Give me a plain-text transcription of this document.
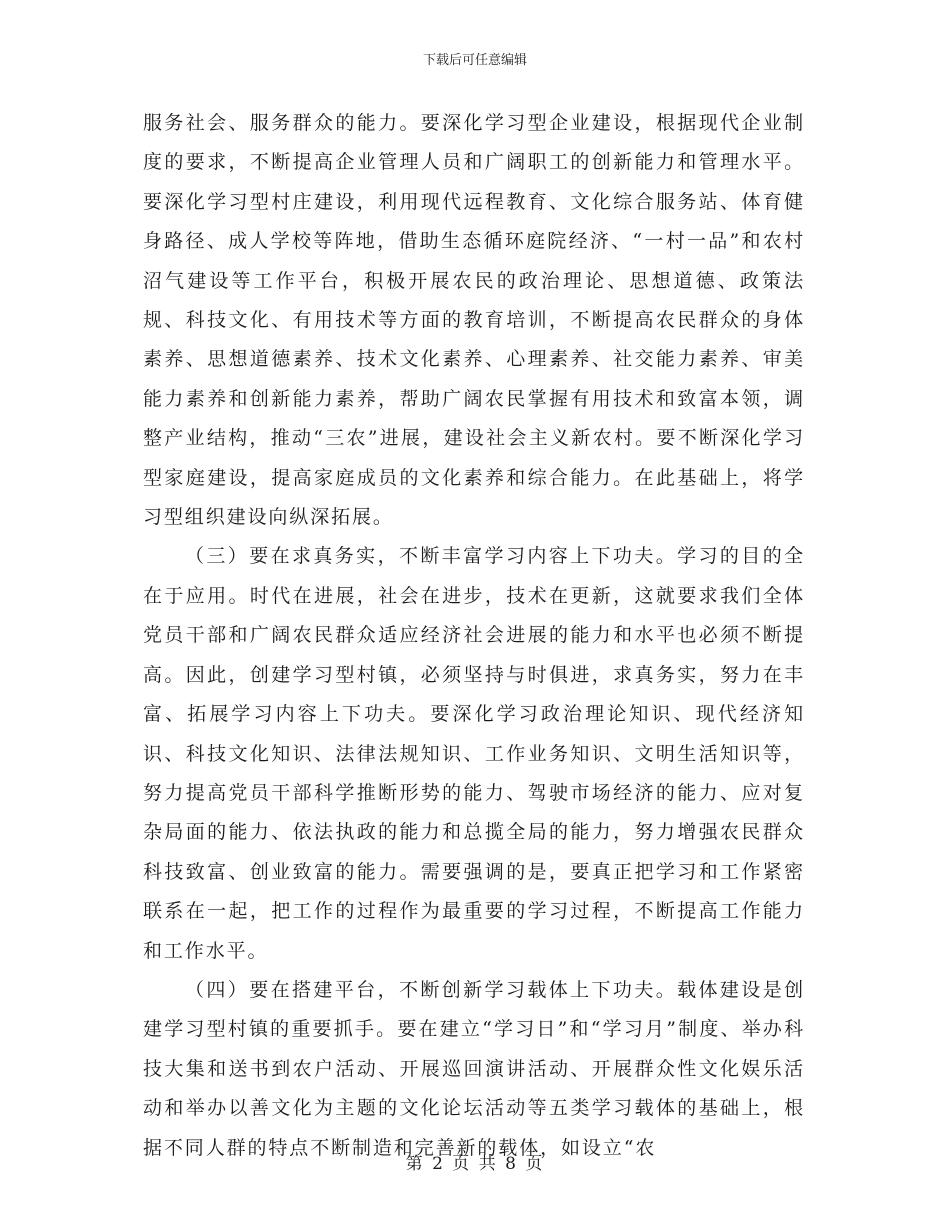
下载后可任意编辑

服务社会、服务群众的能力。要深化学习型企业建设，根据现代企业制度的要求，不断提高企业管理人员和广阔职工的创新能力和管理水平。要深化学习型村庄建设，利用现代远程教育、文化综合服务站、体育健身路径、成人学校等阵地，借助生态循环庭院经济、“一村一品”和农村沼气建设等工作平台，积极开展农民的政治理论、思想道德、政策法规、科技文化、有用技术等方面的教育培训，不断提高农民群众的身体素养、思想道德素养、技术文化素养、心理素养、社交能力素养、审美能力素养和创新能力素养，帮助广阔农民掌握有用技术和致富本领，调整产业结构，推动“三农”进展，建设社会主义新农村。要不断深化学习型家庭建设，提高家庭成员的文化素养和综合能力。在此基础上，将学习型组织建设向纵深拓展。

（三）要在求真务实，不断丰富学习内容上下功夫。学习的目的全在于应用。时代在进展，社会在进步，技术在更新，这就要求我们全体党员干部和广阔农民群众适应经济社会进展的能力和水平也必须不断提高。因此，创建学习型村镇，必须坚持与时俱进，求真务实，努力在丰富、拓展学习内容上下功夫。要深化学习政治理论知识、现代经济知识、科技文化知识、法律法规知识、工作业务知识、文明生活知识等，努力提高党员干部科学推断形势的能力、驾驶市场经济的能力、应对复杂局面的能力、依法执政的能力和总揽全局的能力，努力增强农民群众科技致富、创业致富的能力。需要强调的是，要真正把学习和工作紧密联系在一起，把工作的过程作为最重要的学习过程，不断提高工作能力和工作水平。

（四）要在搭建平台，不断创新学习载体上下功夫。载体建设是创建学习型村镇的重要抓手。要在建立“学习日”和“学习月”制度、举办科技大集和送书到农户活动、开展巡回演讲活动、开展群众性文化娱乐活动和举办以善文化为主题的文化论坛活动等五类学习载体的基础上，根据不同人群的特点不断制造和完善新的载体，如设立“农

第 2 页 共 8 页
